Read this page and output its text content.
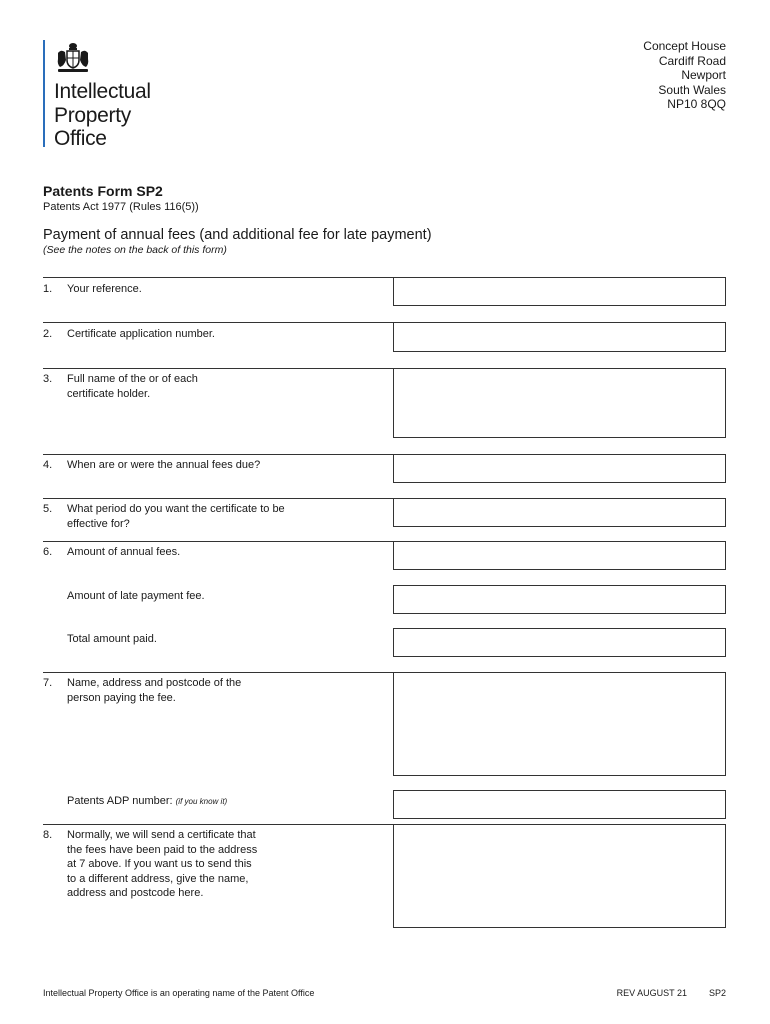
Intellectual
Property
Office
Concept House
Cardiff Road
Newport
South Wales
NP10 8QQ
Patents Form SP2
Patents Act 1977 (Rules 116(5))
Payment of annual fees (and additional fee for late payment)
(See the notes on the back of this form)
1. Your reference.
2. Certificate application number.
3. Full name of the or of each
certificate holder.
4. When are or were the annual fees due?
5. What period do you want the certificate to be
effective for?
6. Amount of annual fees.
Amount of late payment fee.
Total amount paid.
7. Name, address and postcode of the
person paying the fee.
Patents ADP number: (if you know it)
8. Normally, we will send a certificate that
the fees have been paid to the address
at 7 above. If you want us to send this
to a different address, give the name,
address and postcode here.
Intellectual Property Office is an operating name of the Patent Office	REV AUGUST 21 SP2
